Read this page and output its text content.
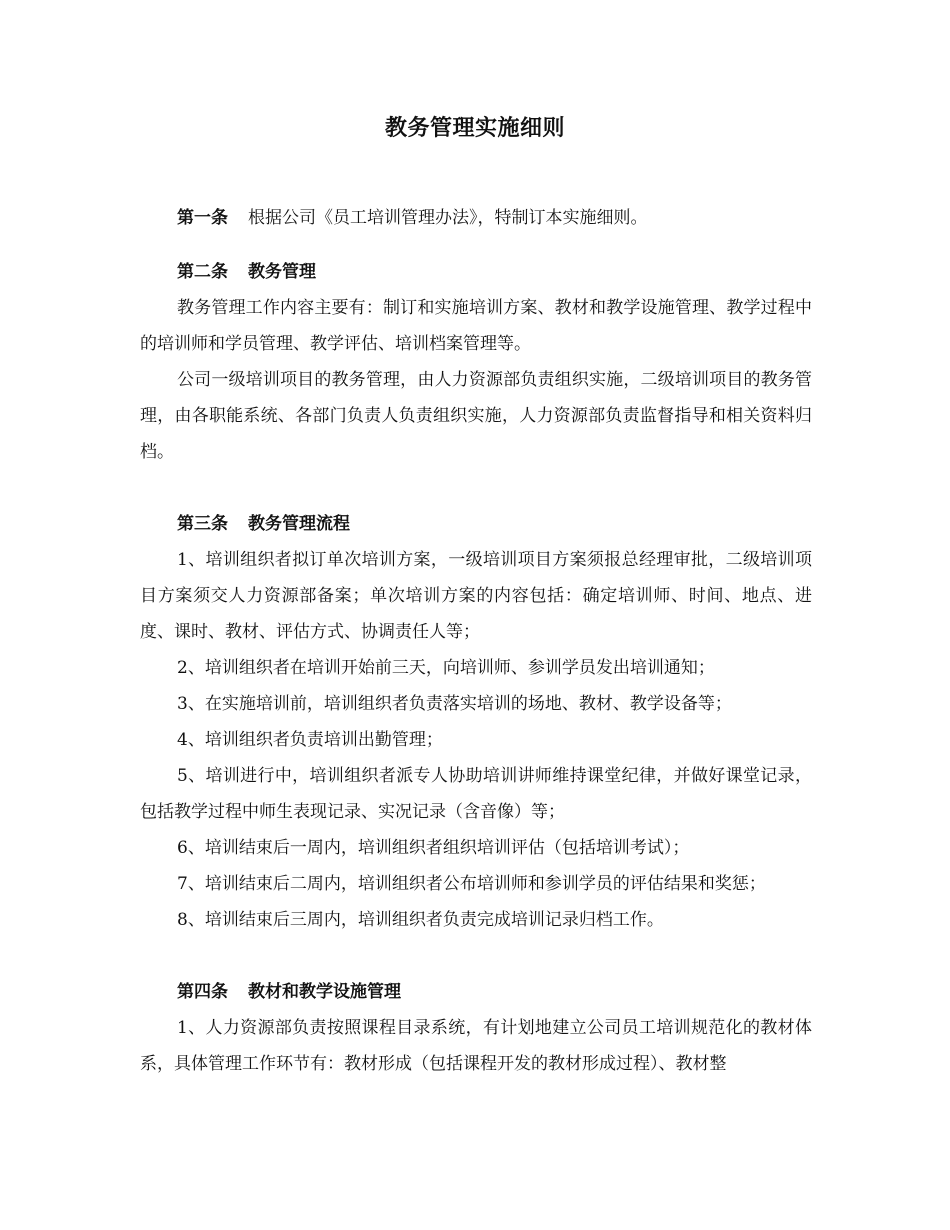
教务管理实施细则

第一条 根据公司《员工培训管理办法》，特制订本实施细则。

第二条 教务管理

教务管理工作内容主要有：制订和实施培训方案、教材和教学设施管理、教学过程中的培训师和学员管理、教学评估、培训档案管理等。

公司一级培训项目的教务管理，由人力资源部负责组织实施，二级培训项目的教务管理，由各职能系统、各部门负责人负责组织实施，人力资源部负责监督指导和相关资料归档。

第三条 教务管理流程

1、培训组织者拟订单次培训方案，一级培训项目方案须报总经理审批，二级培训项目方案须交人力资源部备案；单次培训方案的内容包括：确定培训师、时间、地点、进度、课时、教材、评估方式、协调责任人等；

2、培训组织者在培训开始前三天，向培训师、参训学员发出培训通知；

3、在实施培训前，培训组织者负责落实培训的场地、教材、教学设备等；

4、培训组织者负责培训出勤管理；

5、培训进行中，培训组织者派专人协助培训讲师维持课堂纪律，并做好课堂记录，包括教学过程中师生表现记录、实况记录（含音像）等；

6、培训结束后一周内，培训组织者组织培训评估（包括培训考试）；

7、培训结束后二周内，培训组织者公布培训师和参训学员的评估结果和奖惩；

8、培训结束后三周内，培训组织者负责完成培训记录归档工作。

第四条 教材和教学设施管理

1、人力资源部负责按照课程目录系统，有计划地建立公司员工培训规范化的教材体系，具体管理工作环节有：教材形成（包括课程开发的教材形成过程）、教材整
